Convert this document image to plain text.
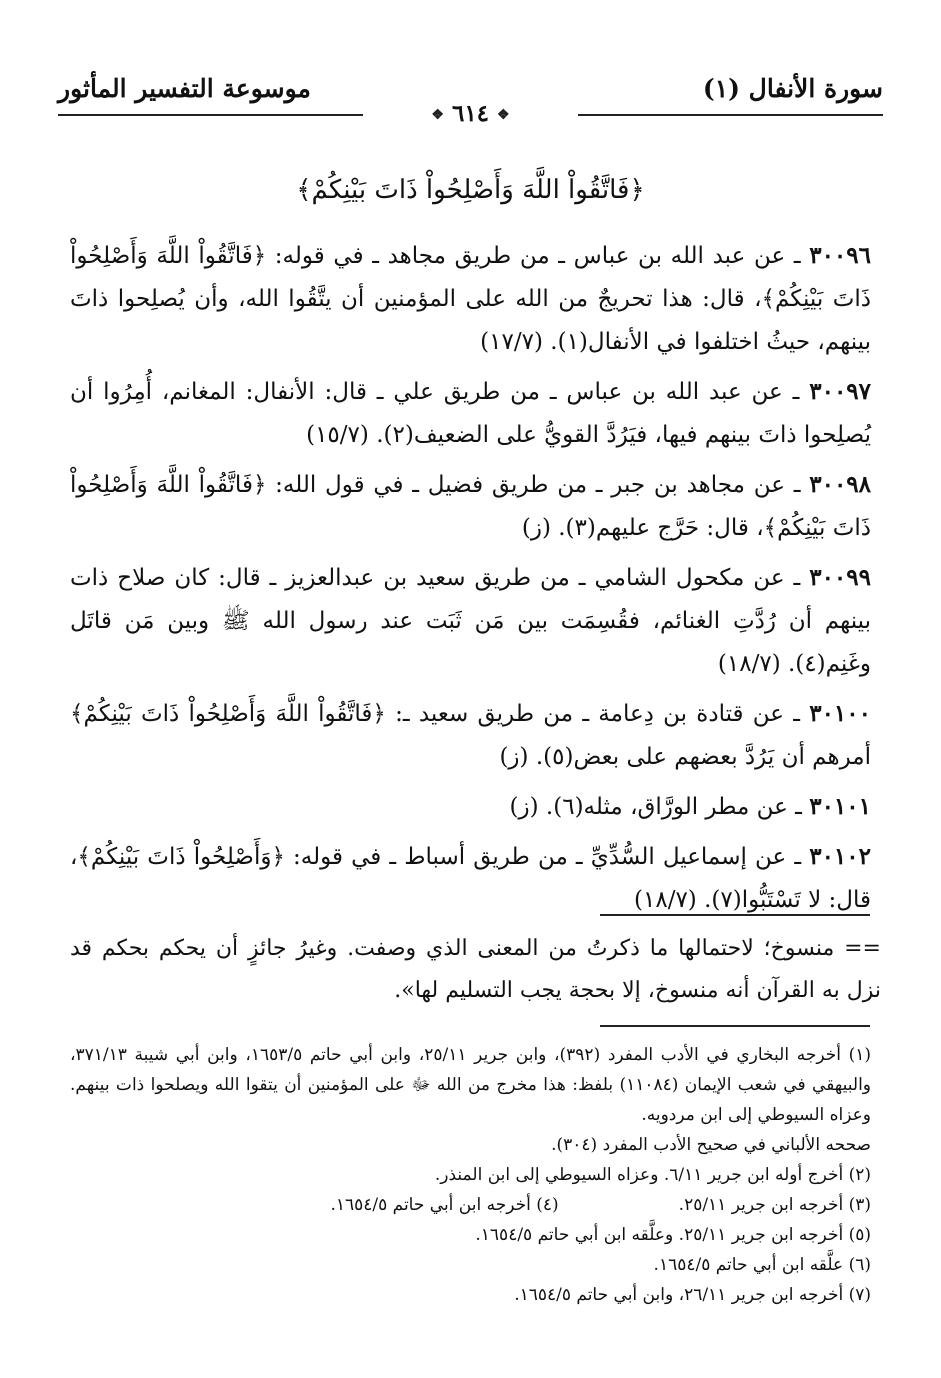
موسوعة التفسير المأثور	سورة الأنفال (١)
❖ ٦١٤ ❖

﴿فَاتَّقُواْ اللَّهَ وَأَصْلِحُواْ ذَاتَ بَيْنِكُمْ﴾

٣٠٠٩٦ ـ عن عبد الله بن عباس ـ من طريق مجاهد ـ في قوله: ﴿فَاتَّقُواْ اللَّهَ وَأَصْلِحُواْ ذَاتَ بَيْنِكُمْ﴾، قال: هذا تحريجٌ من الله على المؤمنين أن يتَّقُوا الله، وأن يُصلِحوا ذاتَ بينهم، حيثُ اختلفوا في الأنفال(١). (١٧/٧)

٣٠٠٩٧ ـ عن عبد الله بن عباس ـ من طريق علي ـ قال: الأنفال: المغانم، أُمِرُوا أن يُصلِحوا ذاتَ بينهم فيها، فيَرُدَّ القويُّ على الضعيف(٢). (١٥/٧)

٣٠٠٩٨ ـ عن مجاهد بن جبر ـ من طريق فضيل ـ في قول الله: ﴿فَاتَّقُواْ اللَّهَ وَأَصْلِحُواْ ذَاتَ بَيْنِكُمْ﴾، قال: حَرَّج عليهم(٣). (ز)

٣٠٠٩٩ ـ عن مكحول الشامي ـ من طريق سعيد بن عبدالعزيز ـ قال: كان صلاح ذات بينهم أن رُدَّتِ الغنائم، فقُسِمَت بين مَن ثَبَت عند رسول الله ﷺ وبين مَن قاتَل وغَنِم(٤). (١٨/٧)

٣٠١٠٠ ـ عن قتادة بن دِعامة ـ من طريق سعيد ـ: ﴿فَاتَّقُواْ اللَّهَ وَأَصْلِحُواْ ذَاتَ بَيْنِكُمْ﴾ أمرهم أن يَرُدَّ بعضهم على بعض(٥). (ز)

٣٠١٠١ ـ عن مطر الورَّاق، مثله(٦). (ز)

٣٠١٠٢ ـ عن إسماعيل السُّدِّيِّ ـ من طريق أسباط ـ في قوله: ﴿وَأَصْلِحُواْ ذَاتَ بَيْنِكُمْ﴾، قال: لا تَسْتَبُّوا(٧). (١٨/٧)

== منسوخ؛ لاحتمالها ما ذكرتُ من المعنى الذي وصفت. وغيرُ جائزٍ أن يحكم بحكم قد نزل به القرآن أنه منسوخ، إلا بحجة يجب التسليم لها».

(١) أخرجه البخاري في الأدب المفرد (٣٩٢)، وابن جرير ٢٥/١١، وابن أبي حاتم ١٦٥٣/٥، وابن أبي شيبة ٣٧١/١٣، والبيهقي في شعب الإيمان (١١٠٨٤) بلفظ: هذا مخرج من الله ﷻ على المؤمنين أن يتقوا الله ويصلحوا ذات بينهم. وعزاه السيوطي إلى ابن مردويه.

صححه الألباني في صحيح الأدب المفرد (٣٠٤).

(٢) أخرج أوله ابن جرير ٦/١١. وعزاه السيوطي إلى ابن المنذر.

(٣) أخرجه ابن جرير ٢٥/١١.
(٤) أخرجه ابن أبي حاتم ١٦٥٤/٥.

(٥) أخرجه ابن جرير ٢٥/١١. وعلَّقه ابن أبي حاتم ١٦٥٤/٥.

(٦) علَّقه ابن أبي حاتم ١٦٥٤/٥.

(٧) أخرجه ابن جرير ٢٦/١١، وابن أبي حاتم ١٦٥٤/٥.
